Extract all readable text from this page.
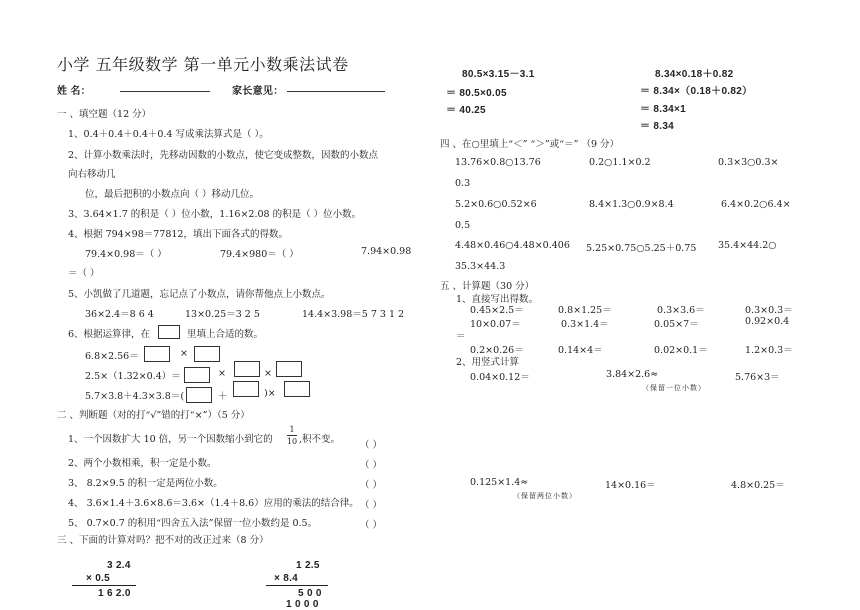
小学 五年级数学 第一单元小数乘法试卷
姓 名：	家长意见：
一 、填空题（12 分）
1、0.4＋0.4＋0.4＋0.4 写成乘法算式是（ ）。
2、计算小数乘法时，先移动因数的小数点，使它变成整数，因数的小数点
向右移动几
位，最后把积的小数点向（ ）移动几位。
3、3.64×1.7 的积是（ ）位小数，1.16×2.08 的积是（ ）位小数。
4、根据 794×98＝77812，填出下面各式的得数。
79.4×0.98＝（ ）	79.4×980＝（ ）	7.94×0.98
＝（ ）
5、小凯做了几道题，忘记点了小数点，请你帮他点上小数点。
36×2.4＝8 6 4	13×0.25＝3 2 5	14.4×3.98＝5 7 3 1 2
6、根据运算律，在	里填上合适的数。
6.8×2.56＝	×
2.5×（1.32×0.4）＝	×	×
5.7×3.8＋4.3×3.8＝(	＋	)×
二 、判断题（对的打“√”错的打“×”）（5 分）
1、一个因数扩大 10 倍，另一个因数缩小到它的
1
10 ,积不变。
（ ）
2、两个小数相乘，积一定是小数。	（ ）
3、 8.2×9.5 的积一定是两位小数。	（ ）
4、 3.6×1.4＋3.6×8.6＝3.6×（1.4＋8.6）应用的乘法的结合律。 （ ）
5、 0.7×0.7 的积用“四舍五入法”保留一位小数约是 0.5。	（ ）
三 、下面的计算对吗？把不对的改正过来（8 分）
3 2.4
× 0.5
1 6 2.0
1 2.5
× 8.4
5 0 0
1 0 0 0
80.5×3.15－3.1
＝ 80.5×0.05
＝ 40.25
8.34×0.18＋0.82
＝ 8.34×（0.18＋0.82）
＝ 8.34×1
＝ 8.34
四 、在○里填上“＜” “＞”或“＝” （9 分）
13.76×0.8○13.76	0.2○1.1×0.2	0.3×3○0.3×
0.3
5.2×0.6○0.52×6	8.4×1.3○0.9×8.4	6.4×0.2○6.4×
0.5
4.48×0.46○4.48×0.406 5.25×0.75○5.25＋0.75 35.4×44.2○
35.3×44.3
五 、计算题（30 分）
1、直接写出得数。
0.45×2.5＝	0.8×1.25＝	0.3×3.6＝	0.3×0.3＝
10×0.07＝	0.3×1.4＝	0.05×7＝	0.92×0.4
＝
0.2×0.26＝	0.14×4＝	0.02×0.1＝	1.2×0.3＝
2、用竖式计算
0.04×0.12＝	3.84×2.6≈	5.76×3＝
（保留一位小数）
0.125×1.4≈	14×0.16＝	4.8×0.25＝
（保留两位小数）
